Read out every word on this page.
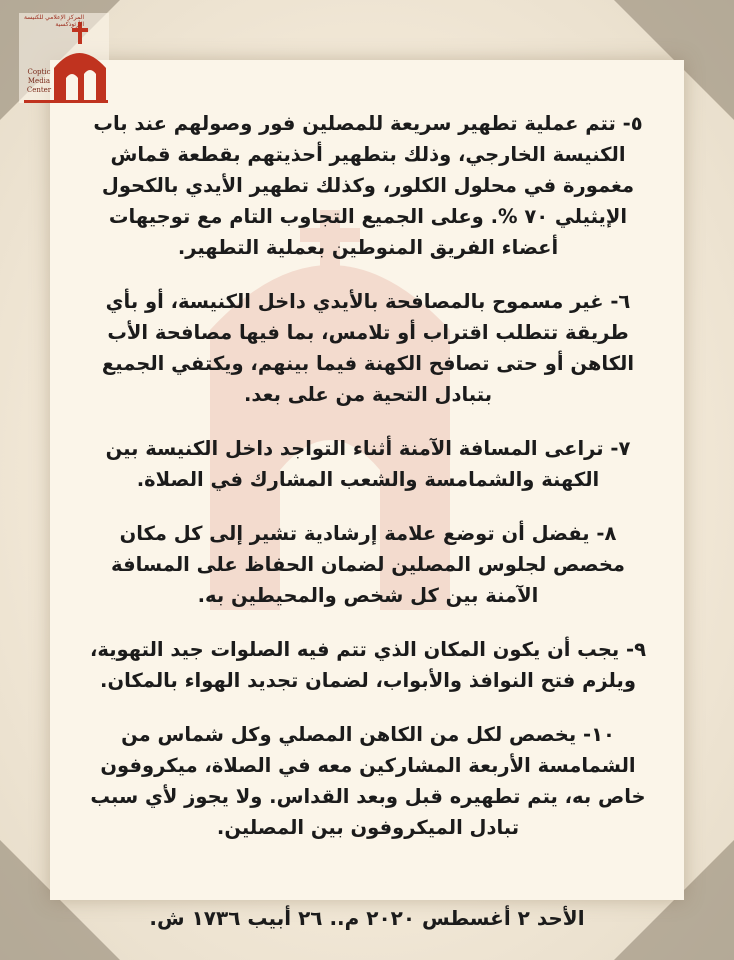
المركز الإعلامي للكنيسة الأرثوذكسية
Coptic
Media
Center

٥- تتم عملية تطهير سريعة للمصلين فور وصولهم عند باب الكنيسة الخارجي، وذلك بتطهير أحذيتهم بقطعة قماش مغمورة في محلول الكلور، وكذلك تطهير الأيدي بالكحول الإيثيلي ٧٠ %. وعلى الجميع التجاوب التام مع توجيهات أعضاء الفريق المنوطين بعملية التطهير.

٦- غير مسموح بالمصافحة بالأيدي داخل الكنيسة، أو بأي طريقة تتطلب اقتراب أو تلامس، بما فيها مصافحة الأب الكاهن أو حتى تصافح الكهنة فيما بينهم، ويكتفي الجميع بتبادل التحية من على بعد.

٧- تراعى المسافة الآمنة أثناء التواجد داخل الكنيسة بين الكهنة والشمامسة والشعب المشارك في الصلاة.

٨- يفضل أن توضع علامة إرشادية تشير إلى كل مكان مخصص لجلوس المصلين لضمان الحفاظ على المسافة الآمنة بين كل شخص والمحيطين به.

٩- يجب أن يكون المكان الذي تتم فيه الصلوات جيد التهوية، ويلزم فتح النوافذ والأبواب، لضمان تجديد الهواء بالمكان.

١٠- يخصص لكل من الكاهن المصلي وكل شماس من الشمامسة الأربعة المشاركين معه في الصلاة، ميكروفون خاص به، يتم تطهيره قبل وبعد القداس. ولا يجوز لأي سبب تبادل الميكروفون بين المصلين.

الأحد ٢ أغسطس ٢٠٢٠ م.. ٢٦ أبيب ١٧٣٦ ش.
